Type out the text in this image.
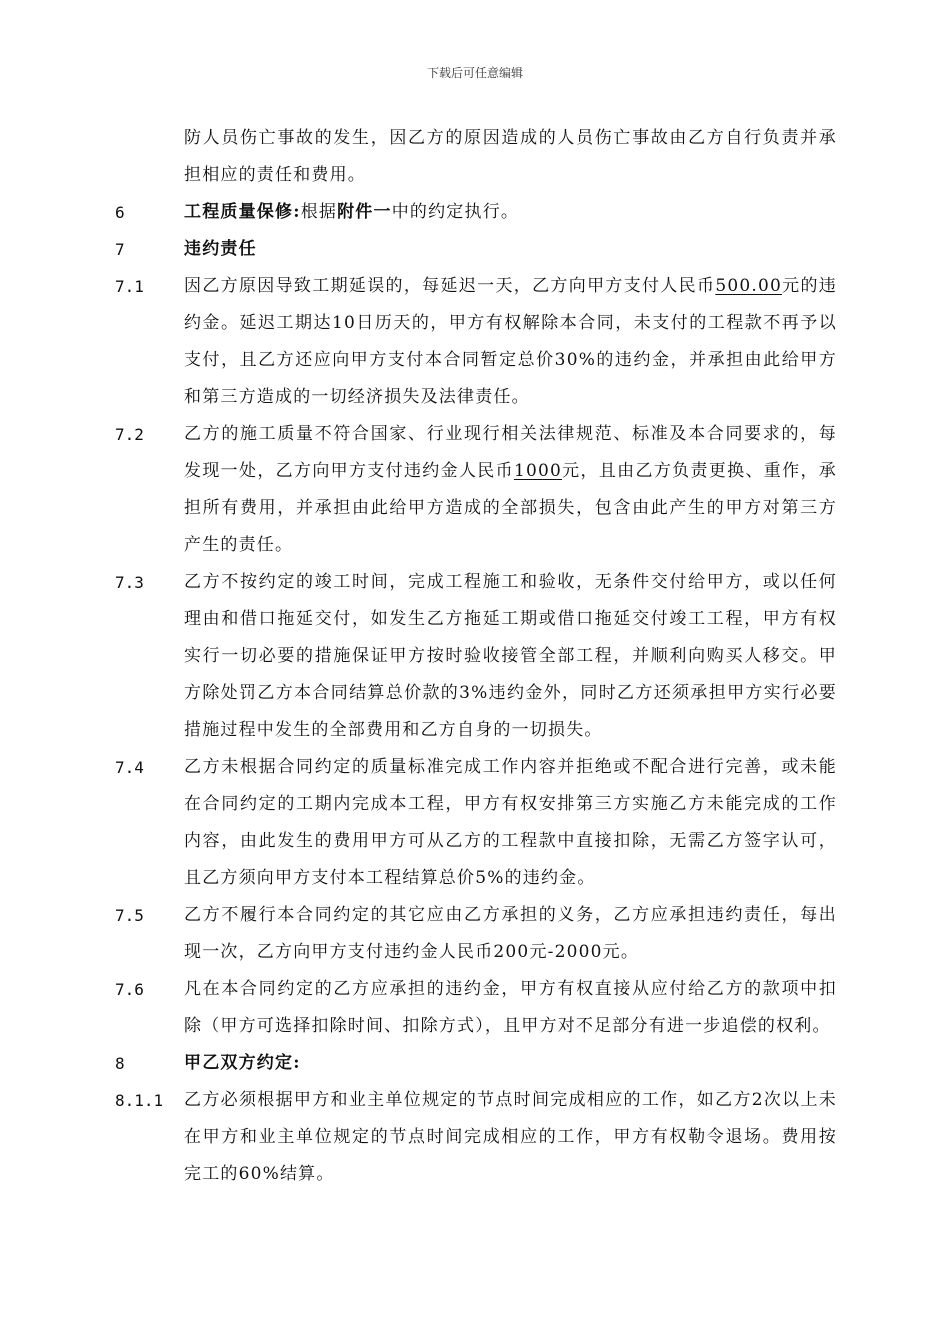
下载后可任意编辑
防人员伤亡事故的发生，因乙方的原因造成的人员伤亡事故由乙方自行负责并承担相应的责任和费用。
6	工程质量保修:根据附件一中的约定执行。
7	违约责任
7.1	因乙方原因导致工期延误的，每延迟一天，乙方向甲方支付人民币500.00元的违约金。延迟工期达10日历天的，甲方有权解除本合同，未支付的工程款不再予以支付，且乙方还应向甲方支付本合同暂定总价30%的违约金，并承担由此给甲方和第三方造成的一切经济损失及法律责任。
7.2	乙方的施工质量不符合国家、行业现行相关法律规范、标准及本合同要求的，每发现一处，乙方向甲方支付违约金人民币1000元，且由乙方负责更换、重作，承担所有费用，并承担由此给甲方造成的全部损失，包含由此产生的甲方对第三方产生的责任。
7.3	乙方不按约定的竣工时间，完成工程施工和验收，无条件交付给甲方，或以任何理由和借口拖延交付，如发生乙方拖延工期或借口拖延交付竣工工程，甲方有权实行一切必要的措施保证甲方按时验收接管全部工程，并顺利向购买人移交。甲方除处罚乙方本合同结算总价款的3%违约金外，同时乙方还须承担甲方实行必要措施过程中发生的全部费用和乙方自身的一切损失。
7.4	乙方未根据合同约定的质量标准完成工作内容并拒绝或不配合进行完善，或未能在合同约定的工期内完成本工程，甲方有权安排第三方实施乙方未能完成的工作内容，由此发生的费用甲方可从乙方的工程款中直接扣除，无需乙方签字认可，且乙方须向甲方支付本工程结算总价5%的违约金。
7.5	乙方不履行本合同约定的其它应由乙方承担的义务，乙方应承担违约责任，每出现一次，乙方向甲方支付违约金人民币200元-2000元。
7.6	凡在本合同约定的乙方应承担的违约金，甲方有权直接从应付给乙方的款项中扣除（甲方可选择扣除时间、扣除方式），且甲方对不足部分有进一步追偿的权利。
8	甲乙双方约定:
8.1.1	乙方必须根据甲方和业主单位规定的节点时间完成相应的工作，如乙方2次以上未在甲方和业主单位规定的节点时间完成相应的工作，甲方有权勒令退场。费用按完工的60%结算。
